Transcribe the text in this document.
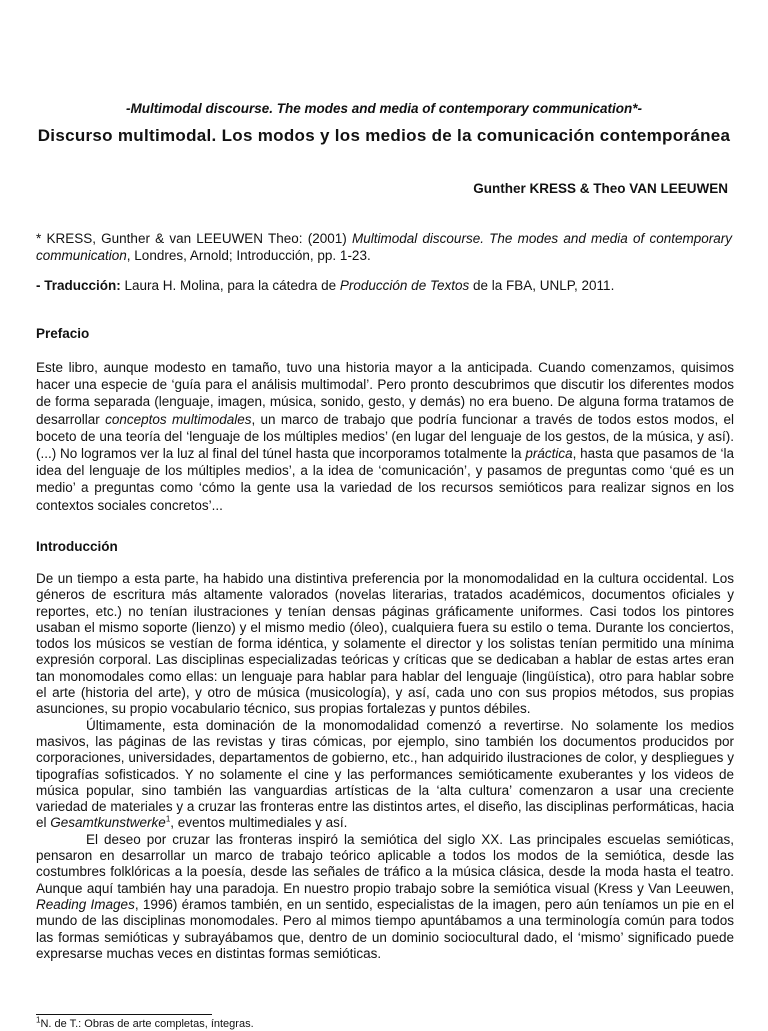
-Multimodal discourse. The modes and media of contemporary communication*-
Discurso multimodal. Los modos y los medios de la comunicación contemporánea
Gunther KRESS & Theo VAN LEEUWEN
* KRESS, Gunther & van LEEUWEN Theo: (2001) Multimodal discourse. The modes and media of contemporary communication, Londres, Arnold; Introducción, pp. 1-23.
- Traducción: Laura H. Molina, para la cátedra de Producción de Textos de la FBA, UNLP, 2011.
Prefacio
Este libro, aunque modesto en tamaño, tuvo una historia mayor a la anticipada. Cuando comenzamos, quisimos hacer una especie de ‘guía para el análisis multimodal’. Pero pronto descubrimos que discutir los diferentes modos de forma separada (lenguaje, imagen, música, sonido, gesto, y demás) no era bueno. De alguna forma tratamos de desarrollar conceptos multimodales, un marco de trabajo que podría funcionar a través de todos estos modos, el boceto de una teoría del ‘lenguaje de los múltiples medios’ (en lugar del lenguaje de los gestos, de la música, y así). (...) No logramos ver la luz al final del túnel hasta que incorporamos totalmente la práctica, hasta que pasamos de ‘la idea del lenguaje de los múltiples medios’, a la idea de ‘comunicación’, y pasamos de preguntas como ‘qué es un medio’ a preguntas como ‘cómo la gente usa la variedad de los recursos semióticos para realizar signos en los contextos sociales concretos’...
Introducción

De un tiempo a esta parte, ha habido una distintiva preferencia por la monomodalidad en la cultura occidental. Los géneros de escritura más altamente valorados (novelas literarias, tratados académicos, documentos oficiales y reportes, etc.) no tenían ilustraciones y tenían densas páginas gráficamente uniformes. Casi todos los pintores usaban el mismo soporte (lienzo) y el mismo medio (óleo), cualquiera fuera su estilo o tema. Durante los conciertos, todos los músicos se vestían de forma idéntica, y solamente el director y los solistas tenían permitido una mínima expresión corporal. Las disciplinas especializadas teóricas y críticas que se dedicaban a hablar de estas artes eran tan monomodales como ellas: un lenguaje para hablar para hablar del lenguaje (lingüística), otro para hablar sobre el arte (historia del arte), y otro de música (musicología), y así, cada uno con sus propios métodos, sus propias asunciones, su propio vocabulario técnico, sus propias fortalezas y puntos débiles.

Últimamente, esta dominación de la monomodalidad comenzó a revertirse. No solamente los medios masivos, las páginas de las revistas y tiras cómicas, por ejemplo, sino también los documentos producidos por corporaciones, universidades, departamentos de gobierno, etc., han adquirido ilustraciones de color, y despliegues y tipografías sofisticados. Y no solamente el cine y las performances semióticamente exuberantes y los videos de música popular, sino también las vanguardias artísticas de la ‘alta cultura’ comenzaron a usar una creciente variedad de materiales y a cruzar las fronteras entre las distintos artes, el diseño, las disciplinas performáticas, hacia el Gesamtkunstwerke$^1$, eventos multimediales y así.

El deseo por cruzar las fronteras inspiró la semiótica del siglo XX. Las principales escuelas semióticas, pensaron en desarrollar un marco de trabajo teórico aplicable a todos los modos de la semiótica, desde las costumbres folklóricas a la poesía, desde las señales de tráfico a la música clásica, desde la moda hasta el teatro. Aunque aquí también hay una paradoja. En nuestro propio trabajo sobre la semiótica visual (Kress y Van Leeuwen, Reading Images, 1996) éramos también, en un sentido, especialistas de la imagen, pero aún teníamos un pie en el mundo de las disciplinas monomodales. Pero al mimos tiempo apuntábamos a una terminología común para todos las formas semióticas y subrayábamos que, dentro de un dominio sociocultural dado, el ‘mismo’ significado puede expresarse muchas veces en distintas formas semióticas.

$^1$N. de T.: Obras de arte completas, íntegras.
